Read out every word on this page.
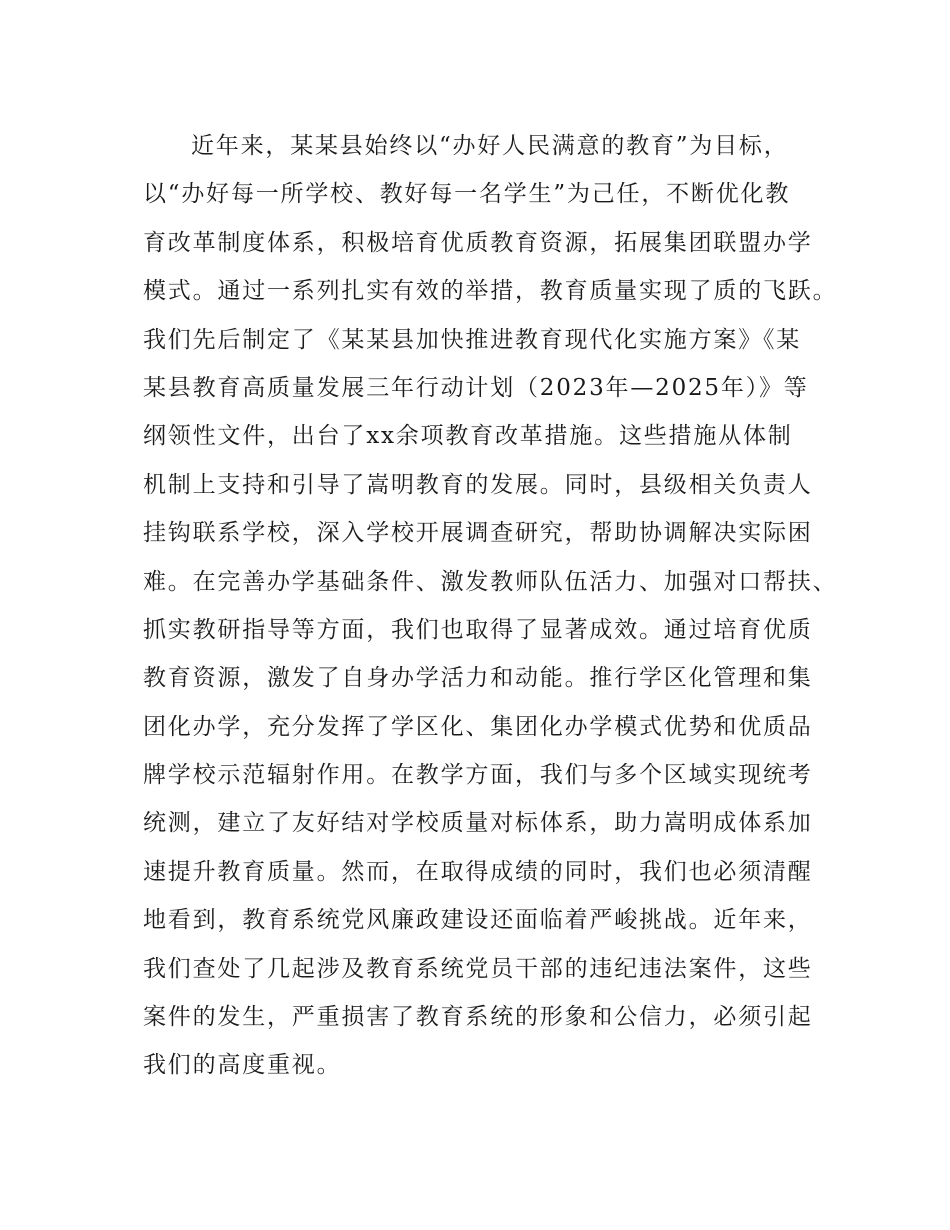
近年来，某某县始终以“办好人民满意的教育”为目标，
以“办好每一所学校、教好每一名学生”为己任，不断优化教
育改革制度体系，积极培育优质教育资源，拓展集团联盟办学
模式。通过一系列扎实有效的举措，教育质量实现了质的飞跃。
我们先后制定了《某某县加快推进教育现代化实施方案》《某
某县教育高质量发展三年行动计划（2023年—2025年）》等
纲领性文件，出台了xx余项教育改革措施。这些措施从体制
机制上支持和引导了嵩明教育的发展。同时，县级相关负责人
挂钩联系学校，深入学校开展调查研究，帮助协调解决实际困
难。在完善办学基础条件、激发教师队伍活力、加强对口帮扶、
抓实教研指导等方面，我们也取得了显著成效。通过培育优质
教育资源，激发了自身办学活力和动能。推行学区化管理和集
团化办学，充分发挥了学区化、集团化办学模式优势和优质品
牌学校示范辐射作用。在教学方面，我们与多个区域实现统考
统测，建立了友好结对学校质量对标体系，助力嵩明成体系加
速提升教育质量。然而，在取得成绩的同时，我们也必须清醒
地看到，教育系统党风廉政建设还面临着严峻挑战。近年来，
我们查处了几起涉及教育系统党员干部的违纪违法案件，这些
案件的发生，严重损害了教育系统的形象和公信力，必须引起
我们的高度重视。
